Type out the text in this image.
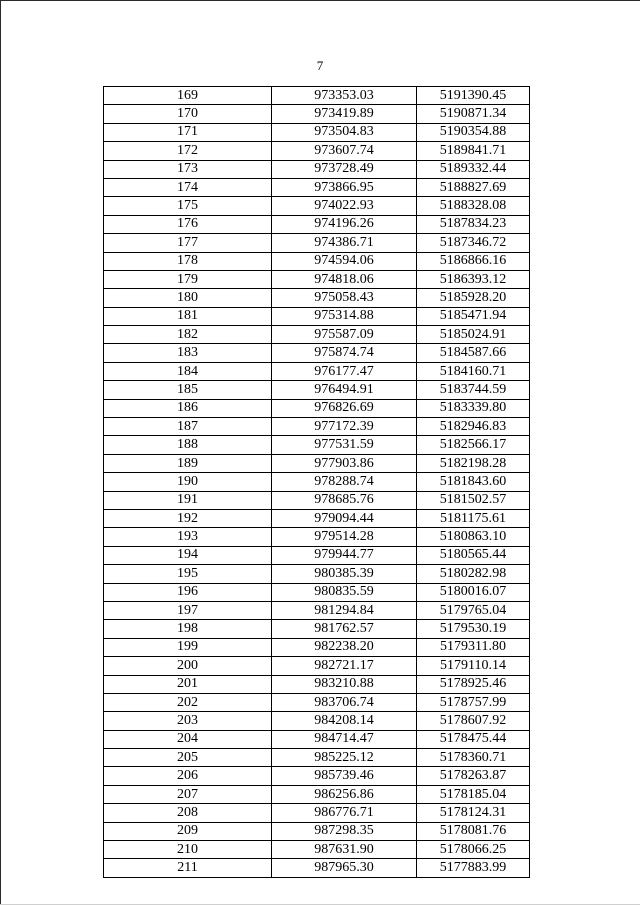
7
169	973353.03	5191390.45
170	973419.89	5190871.34
171	973504.83	5190354.88
172	973607.74	5189841.71
173	973728.49	5189332.44
174	973866.95	5188827.69
175	974022.93	5188328.08
176	974196.26	5187834.23
177	974386.71	5187346.72
178	974594.06	5186866.16
179	974818.06	5186393.12
180	975058.43	5185928.20
181	975314.88	5185471.94
182	975587.09	5185024.91
183	975874.74	5184587.66
184	976177.47	5184160.71
185	976494.91	5183744.59
186	976826.69	5183339.80
187	977172.39	5182946.83
188	977531.59	5182566.17
189	977903.86	5182198.28
190	978288.74	5181843.60
191	978685.76	5181502.57
192	979094.44	5181175.61
193	979514.28	5180863.10
194	979944.77	5180565.44
195	980385.39	5180282.98
196	980835.59	5180016.07
197	981294.84	5179765.04
198	981762.57	5179530.19
199	982238.20	5179311.80
200	982721.17	5179110.14
201	983210.88	5178925.46
202	983706.74	5178757.99
203	984208.14	5178607.92
204	984714.47	5178475.44
205	985225.12	5178360.71
206	985739.46	5178263.87
207	986256.86	5178185.04
208	986776.71	5178124.31
209	987298.35	5178081.76
210	987631.90	5178066.25
211	987965.30	5177883.99
